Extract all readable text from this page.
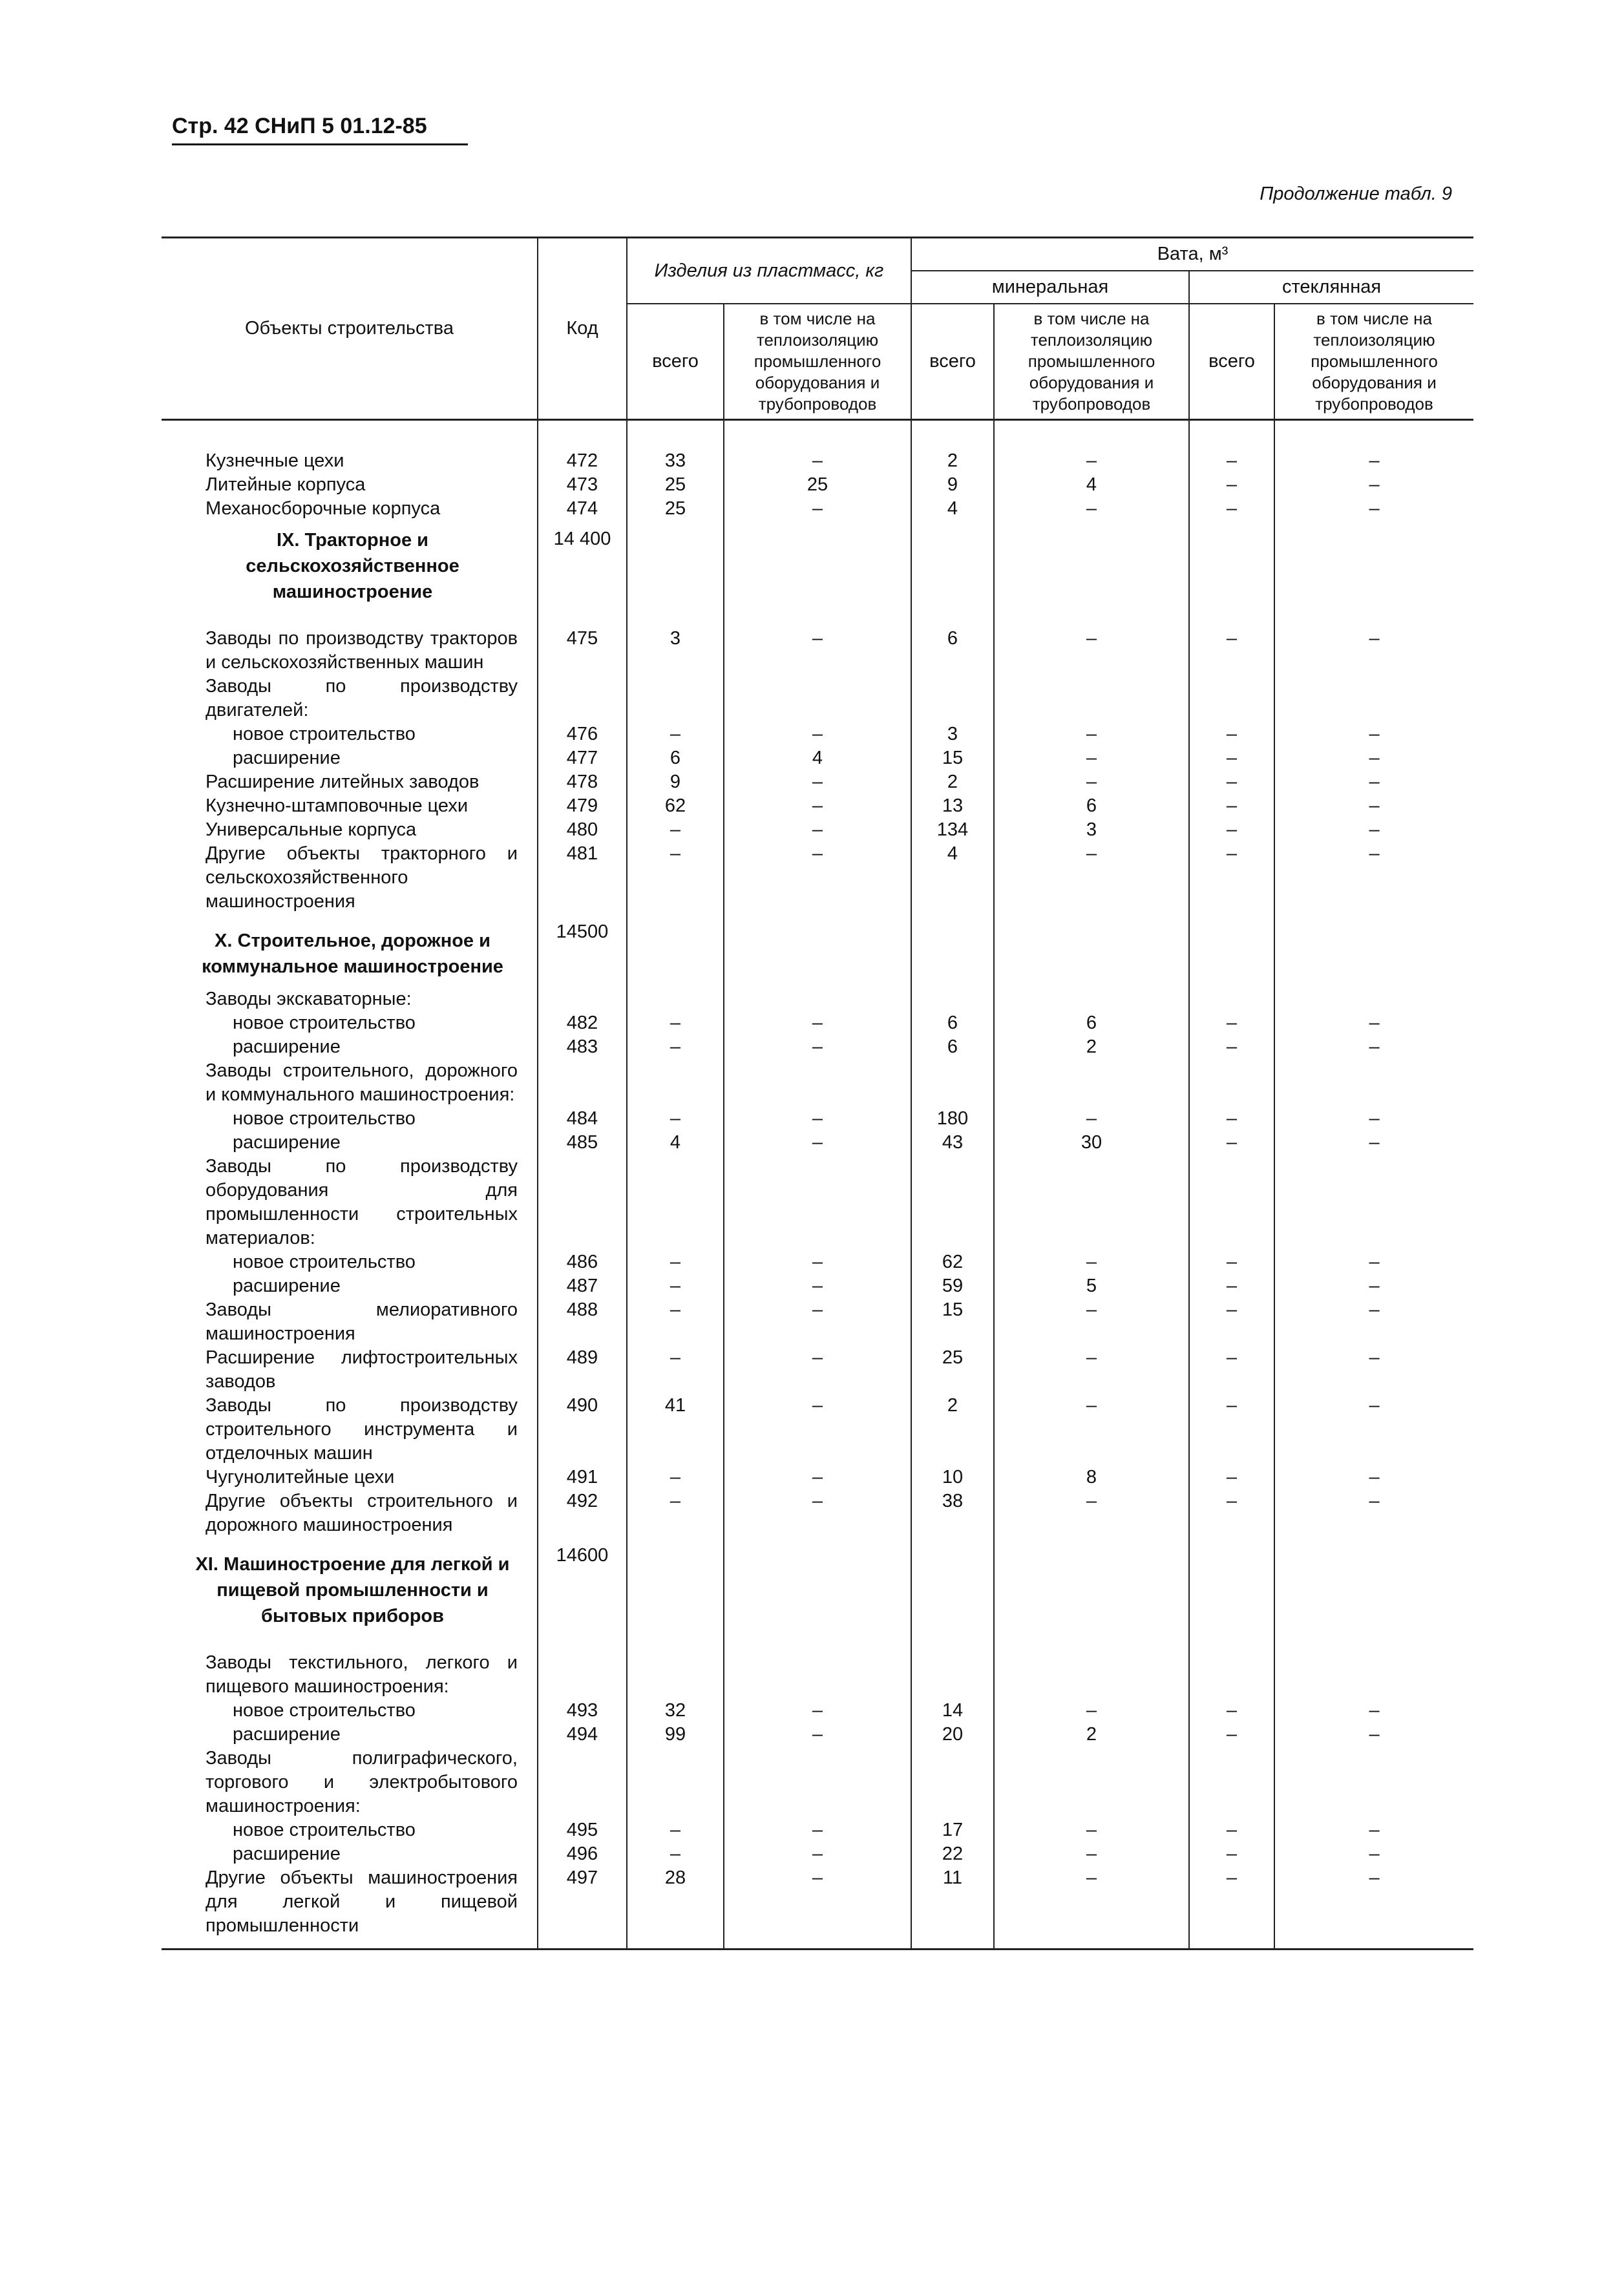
Стр. 42 СНиП 5 01.12-85
Продолжение табл. 9
Объекты строительства	Код	Изделия из пластмасс, кг		Вата, м³			
				минеральная		стеклянная	
		всего	в том числе на теплоизоляцию промышленного оборудования и трубопроводов	всего	в том числе на теплоизоляцию промышленного оборудования и трубопроводов	всего	в том числе на теплоизоляцию промышленного оборудования и трубопроводов

Кузнечные цехи	472	33	–	2	–	–	–
Литейные корпуса	473	25	25	9	4	–	–
Механосборочные корпуса	474	25	–	4	–	–	–
IX. Тракторное и сельскохозяйственное машиностроение	14 400						
Заводы по производству тракторов и сельскохозяйственных машин	475	3	–	6	–	–	–
Заводы по производству двигателей:							
новое строительство	476	–	–	3	–	–	–
расширение	477	6	4	15	–	–	–
Расширение литейных заводов	478	9	–	2	–	–	–
Кузнечно-штамповочные цехи	479	62	–	13	6	–	–
Универсальные корпуса	480	–	–	134	3	–	–
Другие объекты тракторного и сельскохозяйственного машиностроения	481	–	–	4	–	–	–
X. Строительное, дорожное и коммунальное машиностроение	14500						
Заводы экскаваторные:							
новое строительство	482	–	–	6	6	–	–
расширение	483	–	–	6	2	–	–
Заводы строительного, дорожного и коммунального машиностроения:							
новое строительство	484	–	–	180	–	–	–
расширение	485	4	–	43	30	–	–
Заводы по производству оборудования для промышленности строительных материалов:							
новое строительство	486	–	–	62	–	–	–
расширение	487	–	–	59	5	–	–
Заводы мелиоративного машиностроения	488	–	–	15	–	–	–
Расширение лифтостроительных заводов	489	–	–	25	–	–	–
Заводы по производству строительного инструмента и отделочных машин	490	41	–	2	–	–	–
Чугунолитейные цехи	491	–	–	10	8	–	–
Другие объекты строительного и дорожного машиностроения	492	–	–	38	–	–	–
XI. Машиностроение для легкой и пищевой промышленности и бытовых приборов	14600						
Заводы текстильного, легкого и пищевого машиностроения:							
новое строительство	493	32	–	14	–	–	–
расширение	494	99	–	20	2	–	–
Заводы полиграфического, торгового и электробытового машиностроения:							
новое строительство	495	–	–	17	–	–	–
расширение	496	–	–	22	–	–	–
Другие объекты машиностроения для легкой и пищевой промышленности	497	28	–	11	–	–	–
